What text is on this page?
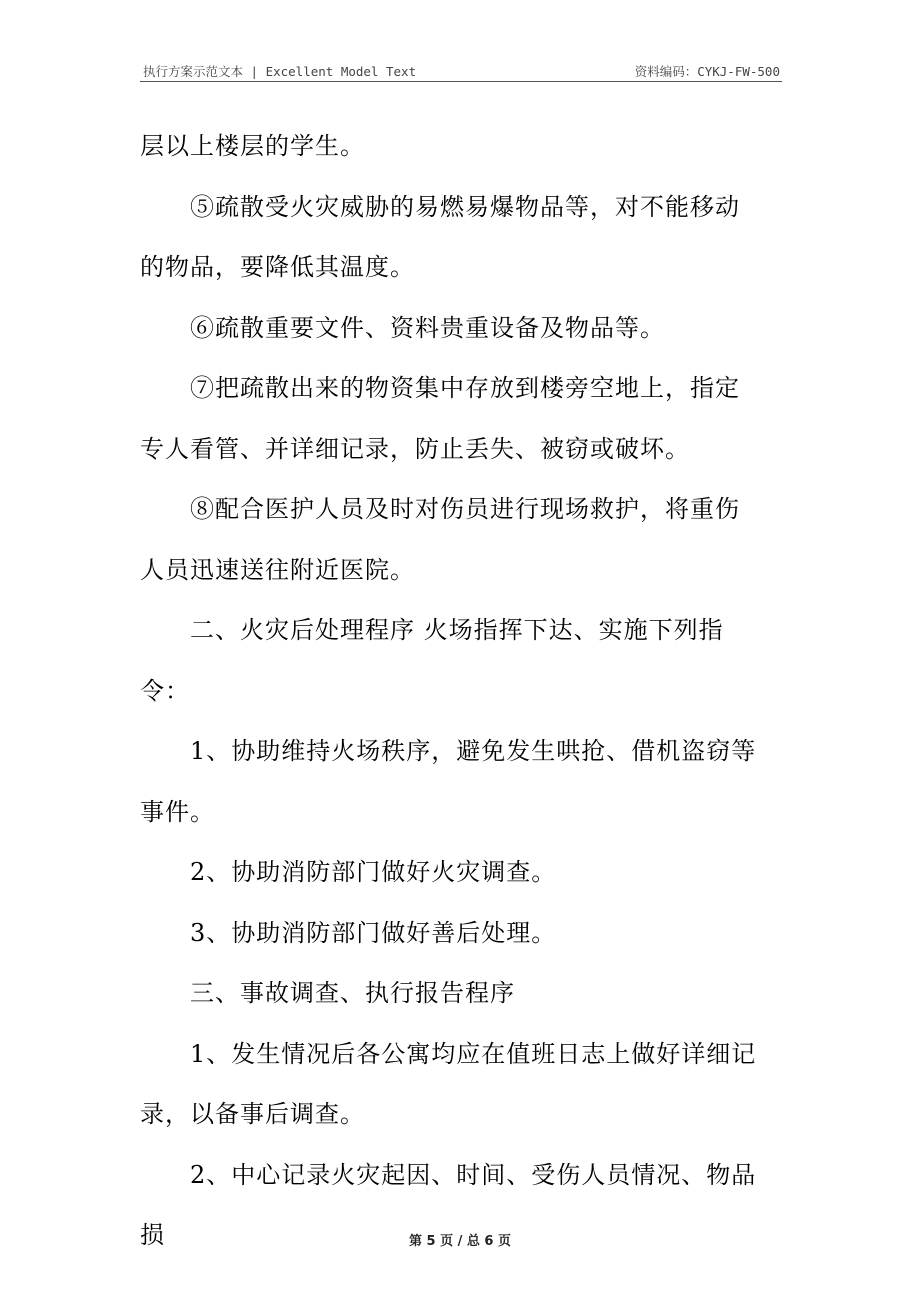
执行方案示范文本 | Excellent Model Text	资料编码：CYKJ-FW-500

层以上楼层的学生。

⑤疏散受火灾威胁的易燃易爆物品等，对不能移动的物品，要降低其温度。

⑥疏散重要文件、资料贵重设备及物品等。

⑦把疏散出来的物资集中存放到楼旁空地上，指定专人看管、并详细记录，防止丢失、被窃或破坏。

⑧配合医护人员及时对伤员进行现场救护，将重伤人员迅速送往附近医院。

二、火灾后处理程序 火场指挥下达、实施下列指令：

1、协助维持火场秩序，避免发生哄抢、借机盗窃等事件。

2、协助消防部门做好火灾调查。

3、协助消防部门做好善后处理。

三、事故调查、执行报告程序

1、发生情况后各公寓均应在值班日志上做好详细记录，以备事后调查。

2、中心记录火灾起因、时间、受伤人员情况、物品损	第 5 页 / 总 6 页
